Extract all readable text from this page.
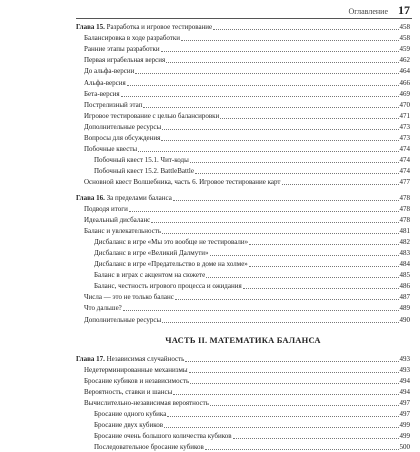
Оглавление 17
Глава 15. Разработка и игровое тестирование	458
Балансировка в ходе разработки	458
Ранние этапы разработки	459
Первая играбельная версия	462
До альфа-версии	464
Альфа-версия	466
Бета-версия	469
Пострелизный этап	470
Игровое тестирование с целью балансировки	471
Дополнительные ресурсы	473
Вопросы для обсуждения	473
Побочные квесты	474
Побочный квест 15.1. Чит-коды	474
Побочный квест 15.2. BattleBattle	474
Основной квест Волшебника, часть 6. Игровое тестирование карт	477
Глава 16. За пределами баланса	478
Подводя итоги	478
Идеальный дисбаланс	478
Баланс и увлекательность	481
Дисбаланс в игре «Мы это вообще не тестировали»	482
Дисбаланс в игре «Великий Далмути»	483
Дисбаланс в игре «Предательство в доме на холме»	484
Баланс в играх с акцентом на сюжете	485
Баланс, честность игрового процесса и ожидания	486
Числа — это не только баланс	487
Что дальше?	489
Дополнительные ресурсы	490
ЧАСТЬ II. МАТЕМАТИКА БАЛАНСА
Глава 17. Независимая случайность	493
Недетерминированные механизмы	493
Бросание кубиков и независимость	494
Вероятность, ставки и шансы	494
Вычислительно-независимая вероятность	497
Бросание одного кубика	497
Бросание двух кубиков	499
Бросание очень большого количества кубиков	499
Последовательное бросание кубиков	500
